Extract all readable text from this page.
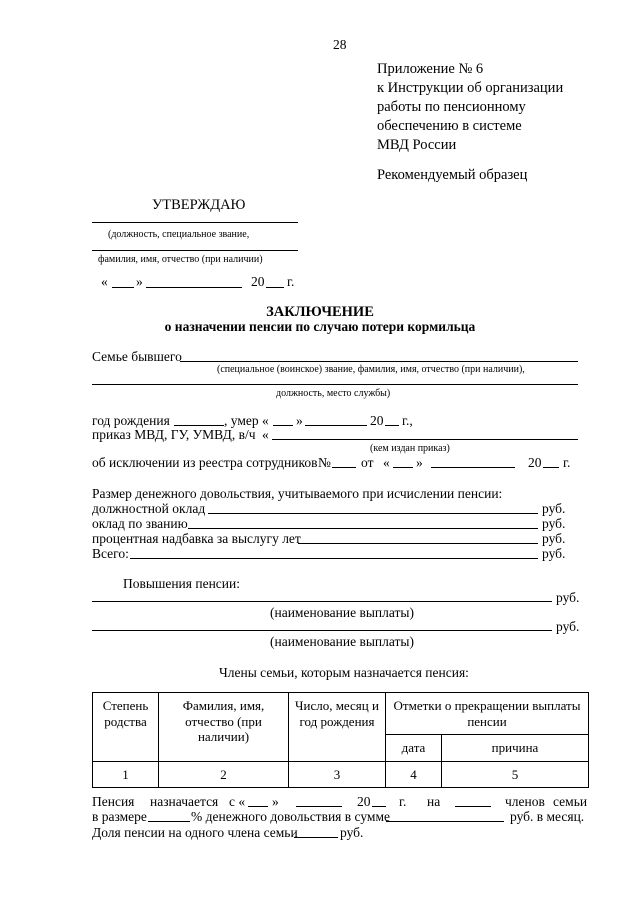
28
Приложение № 6
к Инструкции об организации
работы по пенсионному
обеспечению в системе
МВД России
Рекомендуемый образец
УТВЕРЖДАЮ
(должность, специальное звание,
фамилия, имя, отчество (при наличии)
« »	20 г.
ЗАКЛЮЧЕНИЕ
о назначении пенсии по случаю потери кормильца
Семье бывшего
(специальное (воинское) звание, фамилия, имя, отчество (при наличии),
должность, место службы)
год рождения	, умер « »	20 г.,
приказ МВД, ГУ, УМВД, в/ч «
(кем издан приказ)
об исключении из реестра сотрудников № от « »	20 г.
Размер денежного довольствия, учитываемого при исчислении пенсии:
должностной оклад	руб.
оклад по званию	руб.
процентная надбавка за выслугу лет	руб.
Всего:	руб.
Повышения пенсии:
руб.
(наименование выплаты)
руб.
(наименование выплаты)
Члены семьи, которым назначается пенсия:
Степень родства	Фамилия, имя, отчество (при наличии)	Число, месяц и год рождения	Отметки о прекращении выплаты пенсии	
			дата	причина
1	2	3	4	5
Пенсия назначается с « »	20 г. на	членов семьи
в размере	% денежного довольствия в сумме	руб. в месяц.
Доля пенсии на одного члена семьи	руб.
